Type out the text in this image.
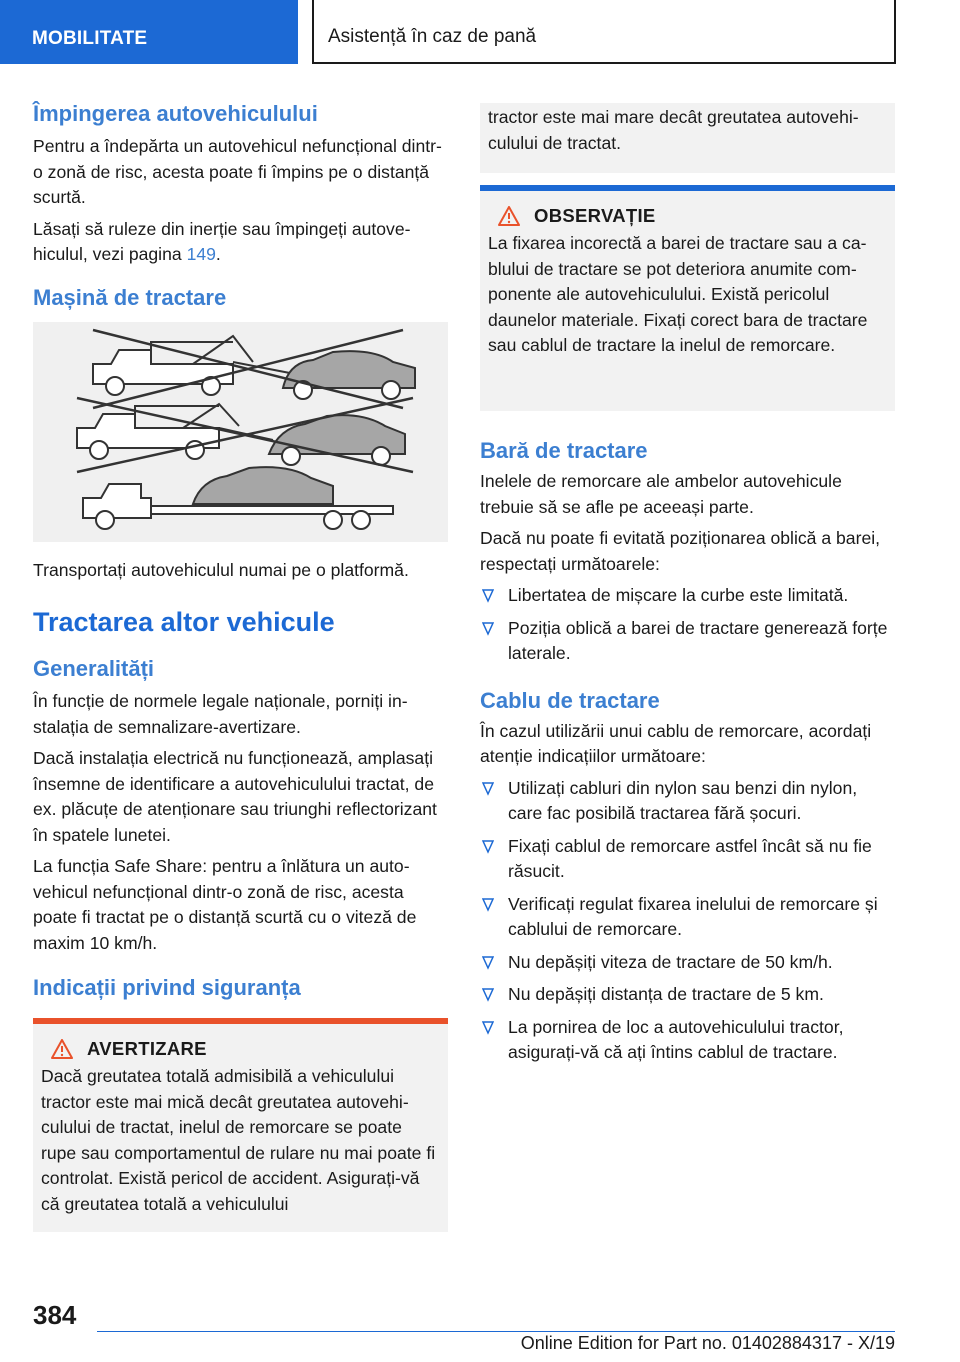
MOBILITATE	Asistență în caz de pană
Împingerea autovehiculului

Pentru a îndepărta un autovehicul nefuncțional dintr-o zonă de risc, acesta poate fi împins pe o distanță scurtă.

Lăsați să ruleze din inerție sau împingeți autovehiculul, vezi pagina 149.

Mașină de tractare

Transportați autovehiculul numai pe o platformă.

Tractarea altor vehicule
Generalități

În funcție de normele legale naționale, porniți instalația de semnalizare-avertizare.

Dacă instalația electrică nu funcționează, amplasați însemne de identificare a autovehiculului tractat, de ex. plăcuțe de atenționare sau triunghi reflectorizant în spatele lunetei.

La funcția Safe Share: pentru a înlătura un autovehicul nefuncțional dintr-o zonă de risc, acesta poate fi tractat pe o distanță scurtă cu o viteză de maxim 10 km/h.

Indicații privind siguranța
AVERTIZARE

Dacă greutatea totală admisibilă a vehiculului tractor este mai mică decât greutatea autovehiculului de tractat, inelul de remorcare se poate rupe sau comportamentul de rulare nu mai poate fi controlat. Există pericol de accident. Asigurați-vă că greutatea totală a vehiculului

tractor este mai mare decât greutatea autovehiculului de tractat.

OBSERVAȚIE

La fixarea incorectă a barei de tractare sau a cablului de tractare se pot deteriora anumite componente ale autovehiculului. Există pericolul daunelor materiale. Fixați corect bara de tractare sau cablul de tractare la inelul de remorcare.

Bară de tractare

Inelele de remorcare ale ambelor autovehicule trebuie să se afle pe aceeași parte.

Dacă nu poate fi evitată poziționarea oblică a barei, respectați următoarele:

Libertatea de mișcare la curbe este limitată.
Poziția oblică a barei de tractare generează forțe laterale.
Cablu de tractare

În cazul utilizării unui cablu de remorcare, acordați atenție indicațiilor următoare:

Utilizați cabluri din nylon sau benzi din nylon, care fac posibilă tractarea fără șocuri.
Fixați cablul de remorcare astfel încât să nu fie răsucit.
Verificați regulat fixarea inelului de remorcare și cablului de remorcare.
Nu depășiți viteza de tractare de 50 km/h.
Nu depășiți distanța de tractare de 5 km.
La pornirea de loc a autovehiculului tractor, asigurați-vă că ați întins cablul de tractare.
384
Online Edition for Part no. 01402884317 - X/19
